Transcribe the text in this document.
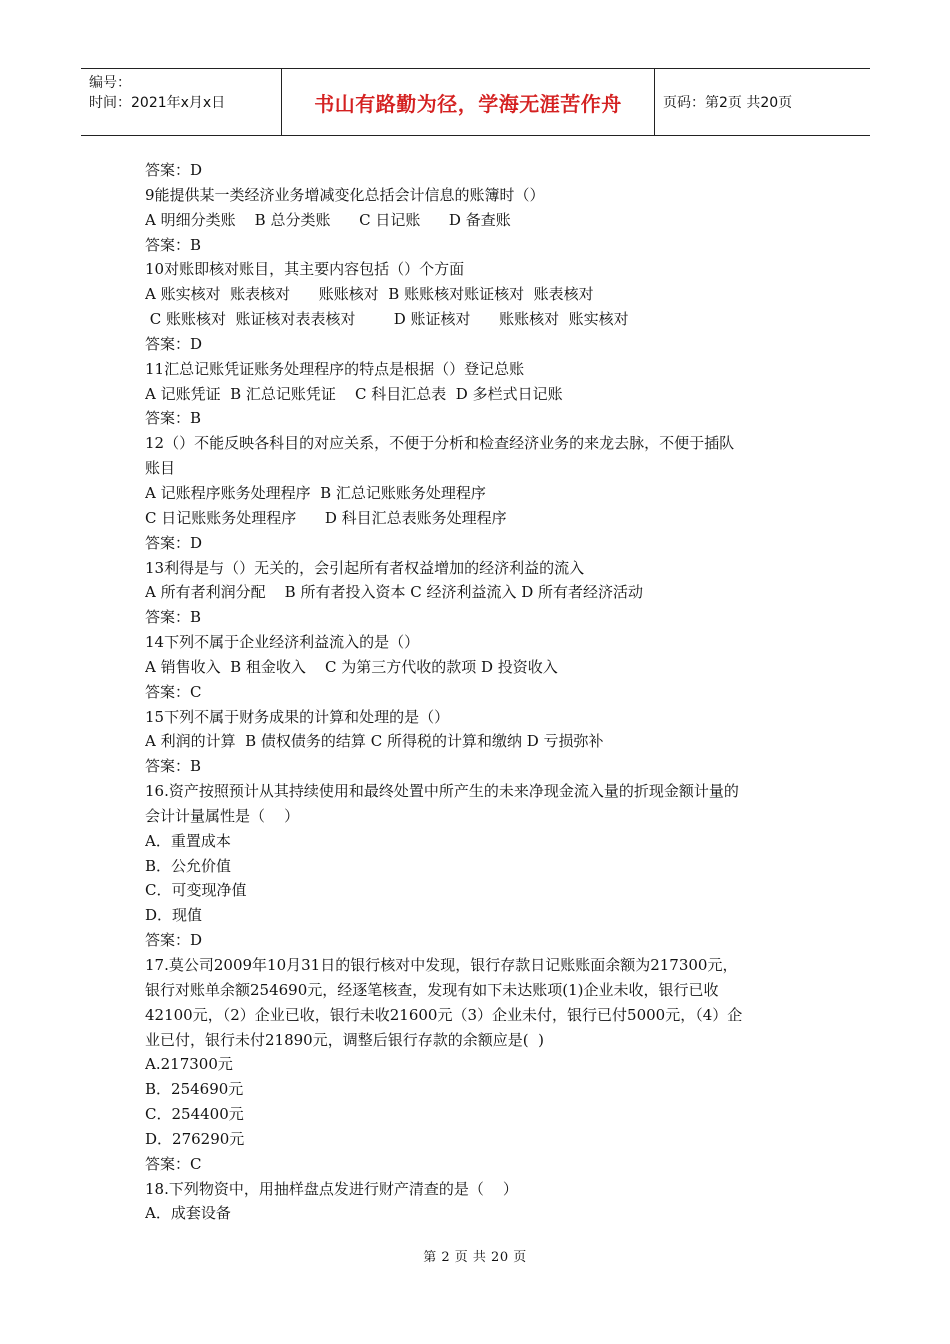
编号：
时间：2021年x月x日	书山有路勤为径，学海无涯苦作舟	页码：第2页 共20页
答案：D
9能提供某一类经济业务增减变化总括会计信息的账簿时（）
A 明细分类账    B 总分类账      C 日记账      D 备查账
答案：B
10对账即核对账目，其主要内容包括（）个方面
A 账实核对  账表核对      账账核对  B 账账核对账证核对  账表核对
C 账账核对  账证核对表表核对        D 账证核对      账账核对  账实核对
答案：D
11汇总记账凭证账务处理程序的特点是根据（）登记总账
A 记账凭证  B 汇总记账凭证    C 科目汇总表  D 多栏式日记账
答案：B
12（）不能反映各科目的对应关系，不便于分析和检查经济业务的来龙去脉，不便于插队
账目
A 记账程序账务处理程序  B 汇总记账账务处理程序
C 日记账账务处理程序      D 科目汇总表账务处理程序
答案：D
13利得是与（）无关的，会引起所有者权益增加的经济利益的流入
A 所有者利润分配    B 所有者投入资本 C 经济利益流入 D 所有者经济活动
答案：B
14下列不属于企业经济利益流入的是（）
A 销售收入  B 租金收入    C 为第三方代收的款项 D 投资收入
答案：C
15下列不属于财务成果的计算和处理的是（）
A 利润的计算  B 债权债务的结算 C 所得税的计算和缴纳 D 亏损弥补
答案：B
16.资产按照预计从其持续使用和最终处置中所产生的未来净现金流入量的折现金额计量的
会计计量属性是（    ）
A．重置成本
B．公允价值
C．可变现净值
D．现值
答案：D
17.莫公司2009年10月31日的银行核对中发现，银行存款日记账账面余额为217300元，
银行对账单余额254690元，经逐笔核查，发现有如下未达账项(1)企业未收，银行已收
42100元，（2）企业已收，银行未收21600元（3）企业未付，银行已付5000元，（4）企
业已付，银行未付21890元，调整后银行存款的余额应是(  )
A.217300元
B．254690元
C．254400元
D．276290元
答案：C
18.下列物资中，用抽样盘点发进行财产清查的是（    ）
A．成套设备
第 2 页 共 20 页
